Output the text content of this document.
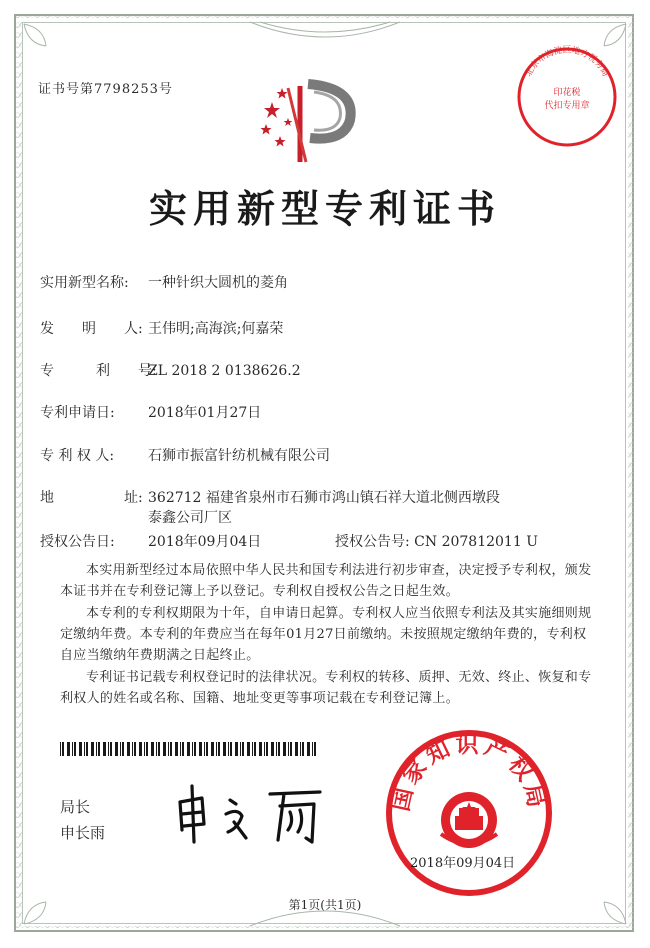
证书号第7798253号
实用新型专利证书
实用新型名称: 一种针织大圆机的菱角
发　　明　　人: 王伟明;高海滨;何嘉荣
专　　　利　　号:ZL 2018 2 0138626.2
专利申请日: 2018年01月27日
专 利 权 人: 石狮市振富针纺机械有限公司
地　　　　　址: 362712 福建省泉州市石狮市鸿山镇石祥大道北侧西墩段
泰鑫公司厂区
授权公告日: 2018年09月04日	授权公告号: CN 207812011 U
本实用新型经过本局依照中华人民共和国专利法进行初步审查，决定授予专利权，颁发本证书并在专利登记簿上予以登记。专利权自授权公告之日起生效。
本专利的专利权期限为十年，自申请日起算。专利权人应当依照专利法及其实施细则规定缴纳年费。本专利的年费应当在每年01月27日前缴纳。未按照规定缴纳年费的，专利权自应当缴纳年费期满之日起终止。
专利证书记载专利权登记时的法律状况。专利权的转移、质押、无效、终止、恢复和专利权人的姓名或名称、国籍、地址变更等事项记载在专利登记簿上。
局长
申长雨
国家知识产权局
2018年09月04日
北京市海淀区地方税务局
印花税
代扣专用章
第1页(共1页)
